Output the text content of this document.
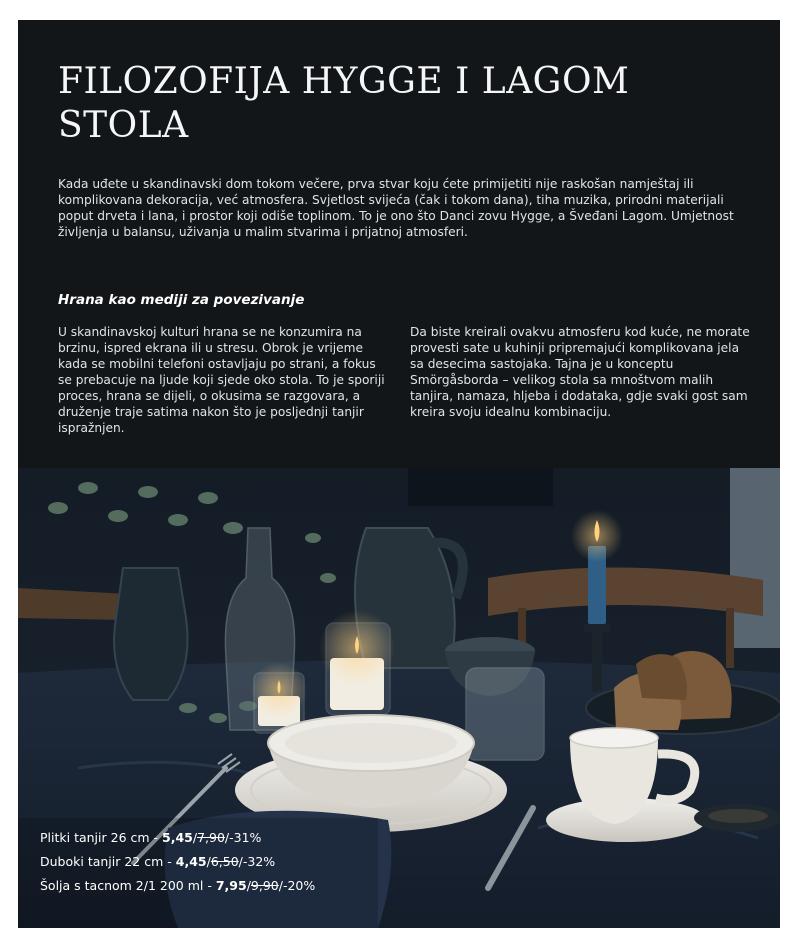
FILOZOFIJA HYGGE I LAGOM STOLA

Kada uđete u skandinavski dom tokom večere, prva stvar koju ćete primijetiti nije raskošan namještaj ili komplikovana dekoracija, već atmosfera. Svjetlost svijeća (čak i tokom dana), tiha muzika, prirodni materijali poput drveta i lana, i prostor koji odiše toplinom. To je ono što Danci zovu Hygge, a Šveđani Lagom. Umjetnost življenja u balansu, uživanja u malim stvarima i prijatnoj atmosferi.

Hrana kao mediji za povezivanje

U skandinavskoj kulturi hrana se ne konzumira na brzinu, ispred ekrana ili u stresu. Obrok je vrijeme kada se mobilni telefoni ostavljaju po strani, a fokus se prebacuje na ljude koji sjede oko stola. To je sporiji proces, hrana se dijeli, o okusima se razgovara, a druženje traje satima nakon što je posljednji tanjir ispražnjen.

Da biste kreirali ovakvu atmosferu kod kuće, ne morate provesti sate u kuhinji pripremajući komplikovana jela sa desecima sastojaka. Tajna je u konceptu Smörgåsborda – velikog stola sa mnoštvom malih tanjira, namaza, hljeba i dodataka, gdje svaki gost sam kreira svoju idealnu kombinaciju.

Plitki tanjir 26 cm - 5,45/7,90/-31%
Duboki tanjir 22 cm - 4,45/6,50/-32%
Šolja s tacnom 2/1 200 ml - 7,95/9,90/-20%
